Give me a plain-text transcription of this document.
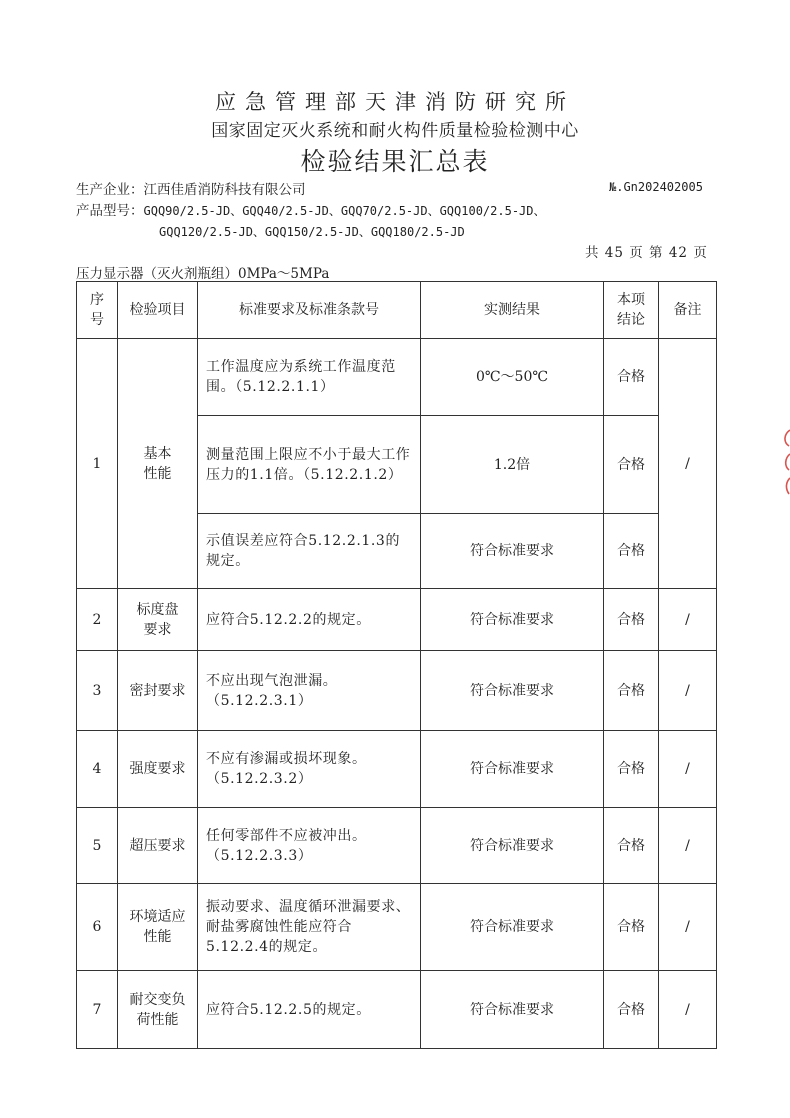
应急管理部天津消防研究所
国家固定灭火系统和耐火构件质量检验检测中心
检验结果汇总表
生产企业：江西佳盾消防科技有限公司	№.Gn202402005
产品型号：GQQ90/2.5-JD、GQQ40/2.5-JD、GQQ70/2.5-JD、GQQ100/2.5-JD、
GQQ120/2.5-JD、GQQ150/2.5-JD、GQQ180/2.5-JD
共 45 页 第 42 页
压力显示器（灭火剂瓶组）0MPa～5MPa
序号	检验项目	标准要求及标准条款号	实测结果	本项结论	备注
1	基本性能	工作温度应为系统工作温度范围。（5.12.2.1.1）	0℃～50℃	合格	/
		测量范围上限应不小于最大工作压力的1.1倍。（5.12.2.1.2）	1.2倍	合格	
		示值误差应符合5.12.2.1.3的规定。	符合标准要求	合格	
2	标度盘要求	应符合5.12.2.2的规定。	符合标准要求	合格	/
3	密封要求	不应出现气泡泄漏。（5.12.2.3.1）	符合标准要求	合格	/
4	强度要求	不应有渗漏或损坏现象。（5.12.2.3.2）	符合标准要求	合格	/
5	超压要求	任何零部件不应被冲出。（5.12.2.3.3）	符合标准要求	合格	/
6	环境适应性能	振动要求、温度循环泄漏要求、耐盐雾腐蚀性能应符合5.12.2.4的规定。	符合标准要求	合格	/
7	耐交变负荷性能	应符合5.12.2.5的规定。	符合标准要求	合格	/
